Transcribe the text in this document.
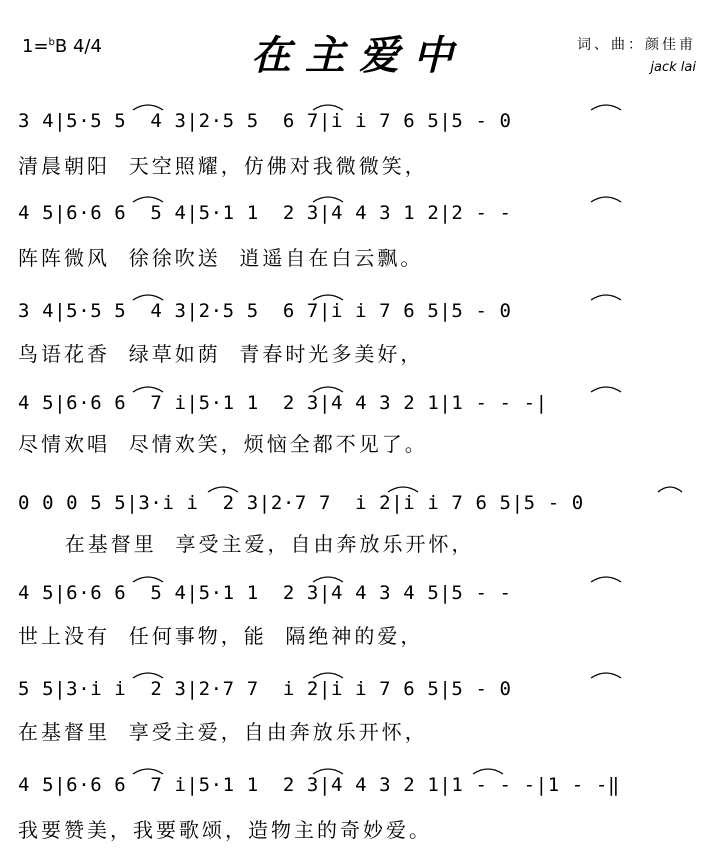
1=$^b$B 4/4	在主爱中	词、曲：颜佳甫
jack lai
3 4|5·5 5  4 3|2·5 5  6 7|i i 7 6 5|5 - 0
清晨朝阳  天空照耀，仿佛对我微微笑，
4 5|6·6 6  5 4|5·1 1  2 3|4 4 3 1 2|2 - -
阵阵微风  徐徐吹送  逍遥自在白云飘。
3 4|5·5 5  4 3|2·5 5  6 7|i i 7 6 5|5 - 0
鸟语花香  绿草如荫  青春时光多美好，
4 5|6·6 6  7 i|5·1 1  2 3|4 4 3 2 1|1 - - -|
尽情欢唱  尽情欢笑，烦恼全都不见了。
0 0 0 5 5|3·i i  2 3|2·7 7  i 2|i i 7 6 5|5 - 0
在基督里  享受主爱，自由奔放乐开怀，
4 5|6·6 6  5 4|5·1 1  2 3|4 4 3 4 5|5 - -
世上没有  任何事物，能  隔绝神的爱，
5 5|3·i i  2 3|2·7 7  i 2|i i 7 6 5|5 - 0
在基督里  享受主爱，自由奔放乐开怀，
4 5|6·6 6  7 i|5·1 1  2 3|4 4 3 2 1|1 - - -|1 - -‖
我要赞美，我要歌颂，造物主的奇妙爱。
